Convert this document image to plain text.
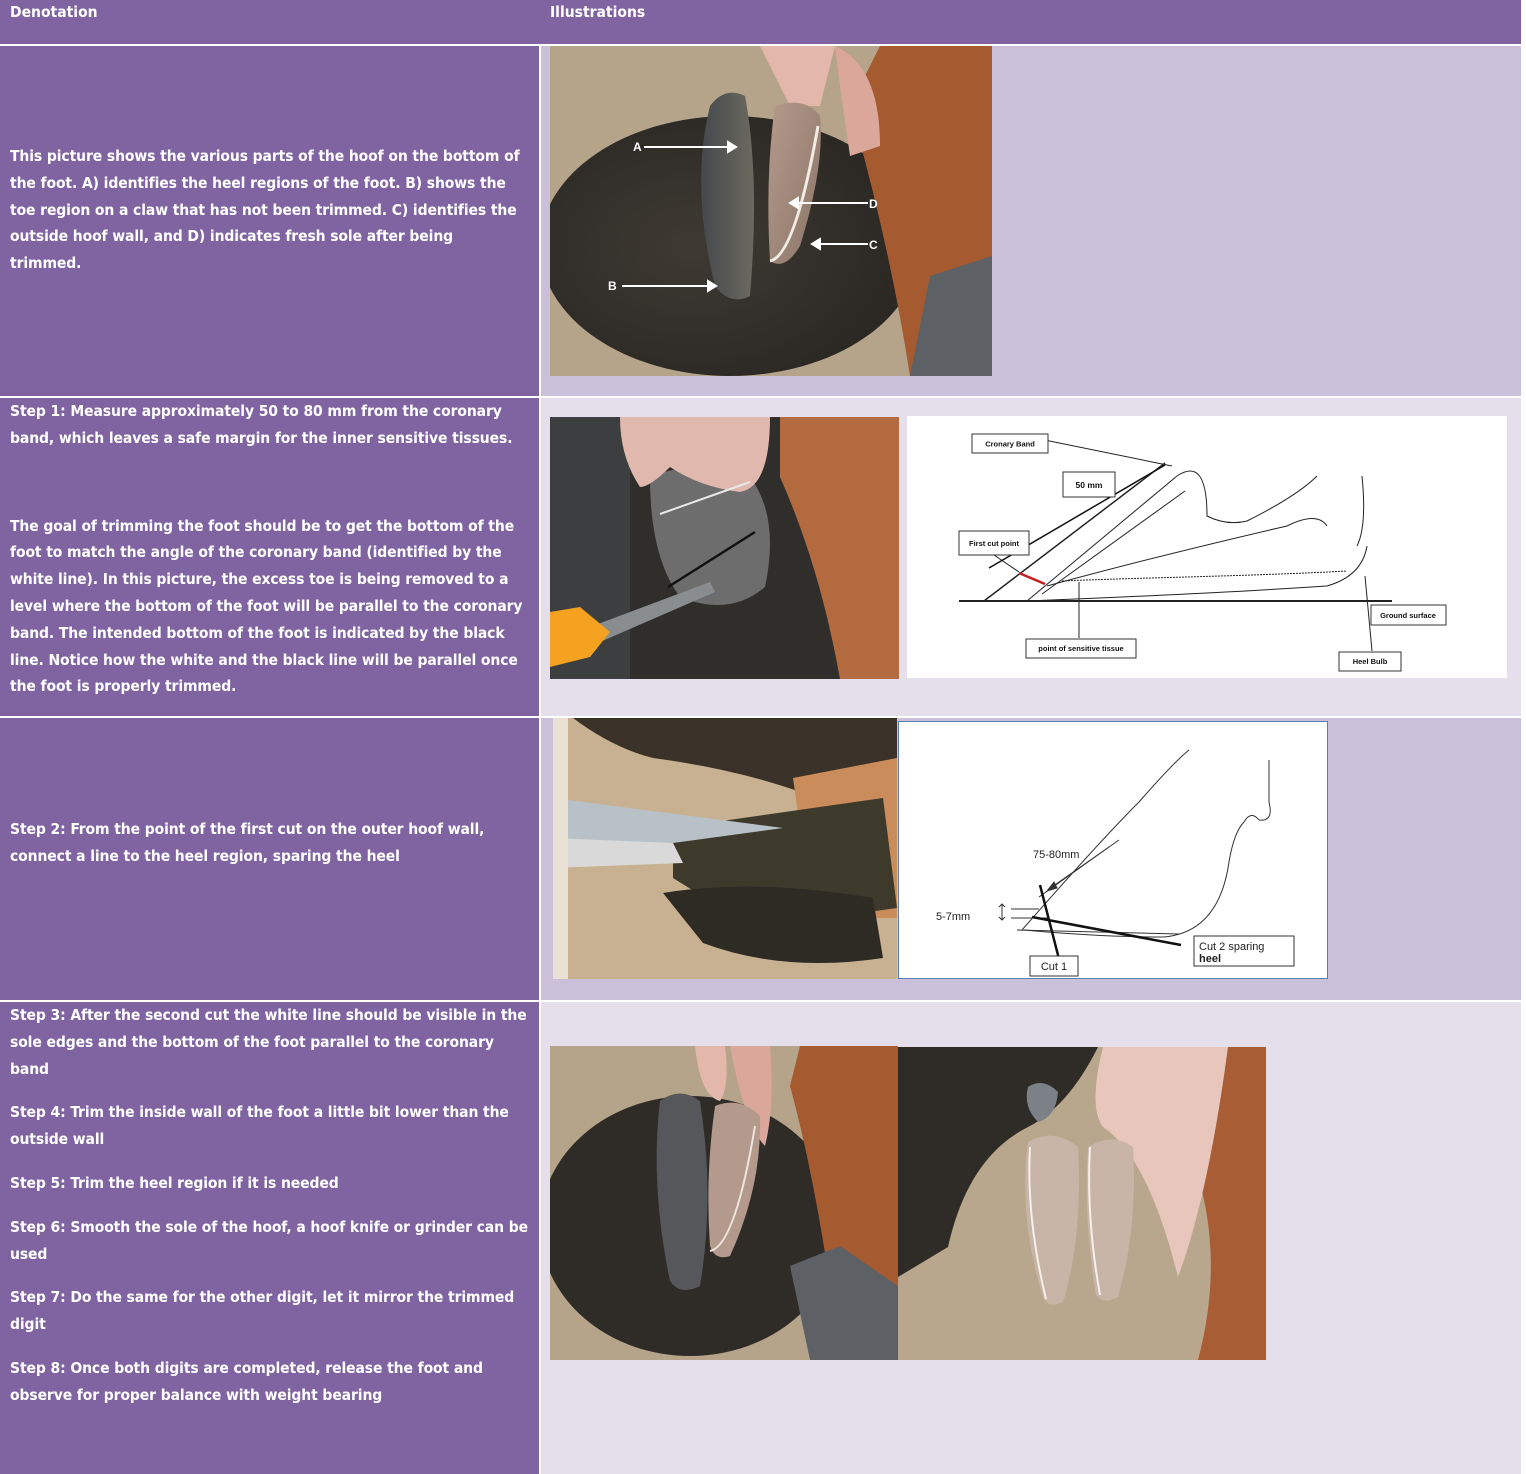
Denotation	Illustrations

This picture shows the various parts of the hoof on the bottom of the foot. A) identifies the heel regions of the foot. B) shows the toe region on a claw that has not been trimmed. C) identifies the outside hoof wall, and D) indicates fresh sole after being trimmed.

A
B
C
D

Step 1: Measure approximately 50 to 80 mm from the coronary band, which leaves a safe margin for the inner sensitive tissues.

The goal of trimming the foot should be to get the bottom of the foot to match the angle of the coronary band (identified by the white line). In this picture, the excess toe is being removed to a level where the bottom of the foot will be parallel to the coronary band. The intended bottom of the foot is indicated by the black line. Notice how the white and the black line will be parallel once the foot is properly trimmed.

Cronary Band
50 mm
First cut point
point of sensitive tissue
Ground surface
Heel Bulb

Step 2: From the point of the first cut on the outer hoof wall, connect a line to the heel region, sparing the heel	75-80mm
5-7mm
Cut 1
Cut 2 sparing
heel

Step 3: After the second cut the white line should be visible in the sole edges and the bottom of the foot parallel to the coronary band

Step 4: Trim the inside wall of the foot a little bit lower than the outside wall

Step 5: Trim the heel region if it is needed

Step 6: Smooth the sole of the hoof, a hoof knife or grinder can be used

Step 7: Do the same for the other digit, let it mirror the trimmed digit

Step 8: Once both digits are completed, release the foot and observe for proper balance with weight bearing
